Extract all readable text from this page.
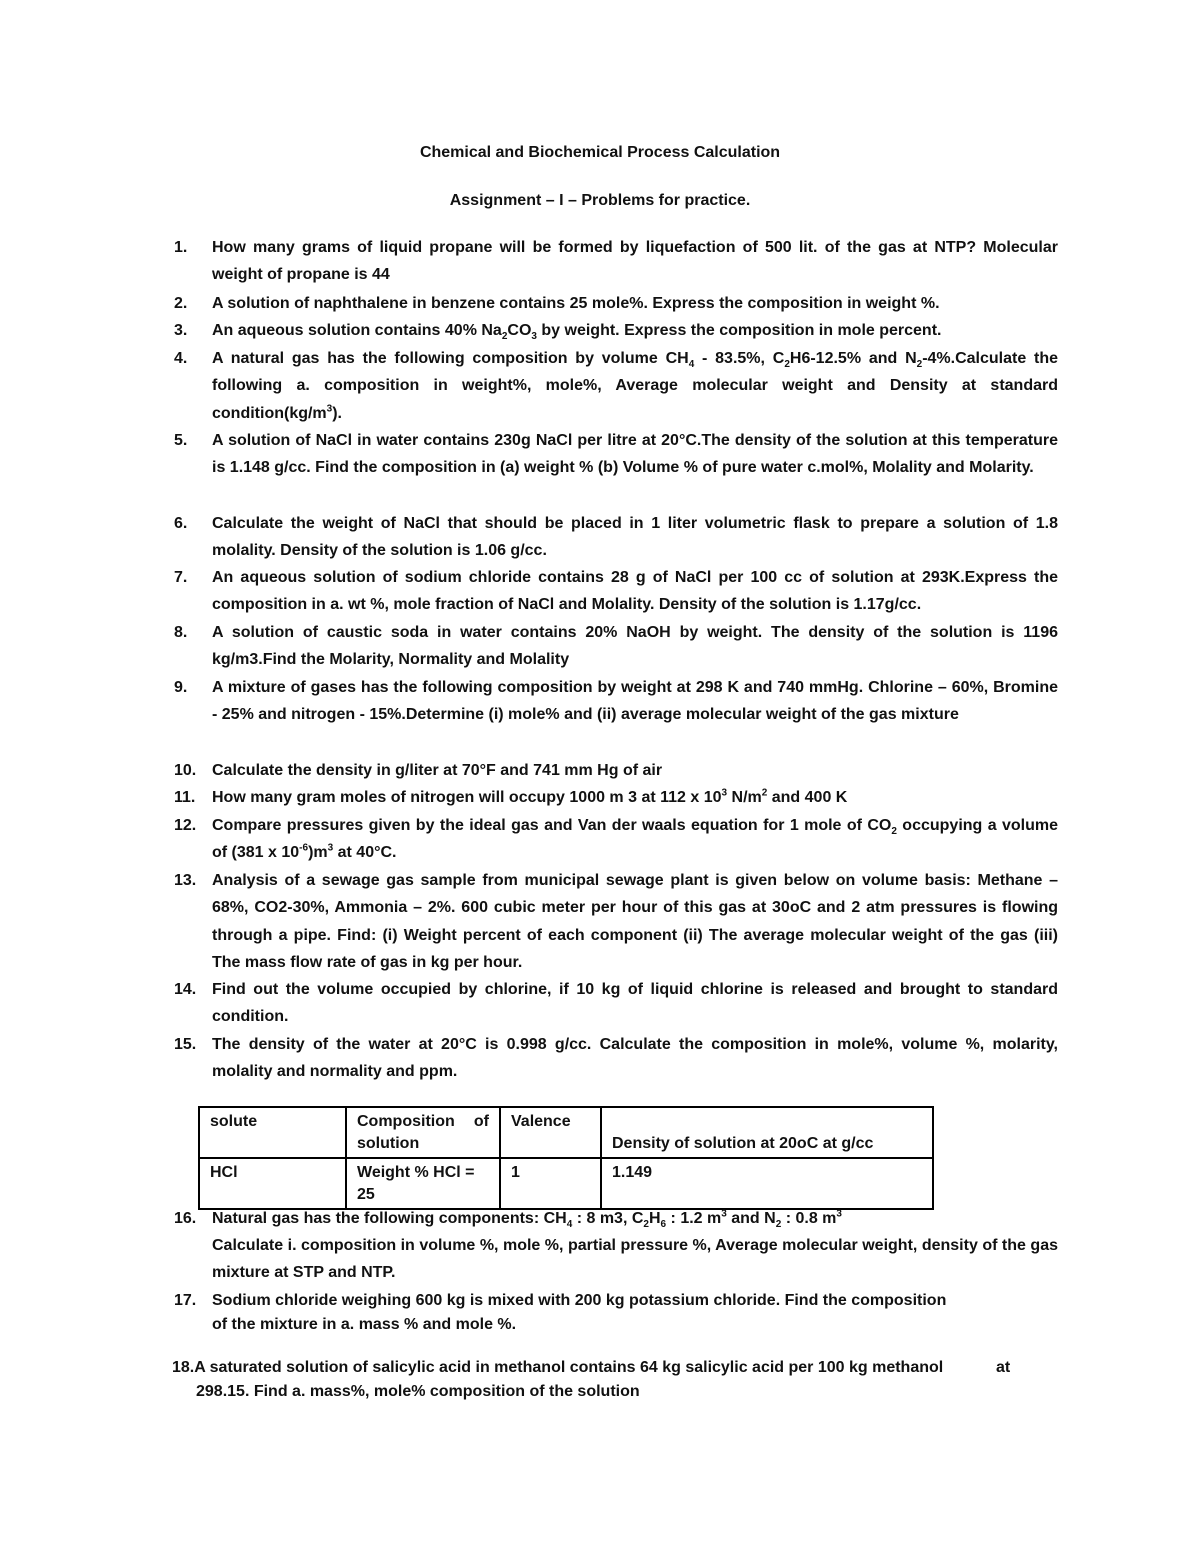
Chemical and Biochemical Process Calculation
Assignment – I – Problems for practice.
1.	How many grams of liquid propane will be formed by liquefaction of 500 lit. of the gas at NTP? Molecular weight of propane is 44
2.	A solution of naphthalene in benzene contains 25 mole%. Express the composition in weight %.
3.	An aqueous solution contains 40% $Na_2CO_3$ by weight. Express the composition in mole percent.
4.	A natural gas has the following composition by volume $CH_4 - 83.5\%$, $C_2H6-12.5\%$ and $N_2-4\%.Calculate$ the following a. composition in weight%, mole%, Average molecular weight and Density at standard $condition(kg/m^3)$.
5.	A solution of NaCl in water contains 230g NaCl per litre at 20°C.The density of the solution at this temperature is 1.148 g/cc. Find the composition in (a) weight % (b) Volume % of pure water c.mol%, Molality and Molarity.
6.	Calculate the weight of NaCl that should be placed in 1 liter volumetric flask to prepare a solution of 1.8 molality. Density of the solution is 1.06 g/cc.
7.	An aqueous solution of sodium chloride contains 28 g of NaCl per 100 cc of solution at 293K.Express the composition in a. wt %, mole fraction of NaCl and Molality. Density of the solution is 1.17g/cc.
8.	A solution of caustic soda in water contains 20% NaOH by weight. The density of the solution is 1196 kg/m3.Find the Molarity, Normality and Molality
9.	A mixture of gases has the following composition by weight at 298 K and 740 mmHg. Chlorine – 60%, Bromine - 25% and nitrogen - 15%.Determine (i) mole% and (ii) average molecular weight of the gas mixture
10. Calculate the density in g/liter at 70°F and 741 mm Hg of air
11.	How many gram moles of nitrogen will occupy 1000 m 3 at 112 x $10^3$ $N/m^2$ and 400 K
12. Compare pressures given by the ideal gas and Van der waals equation for 1 mole of $CO_2$ occupying a volume of (381 x $10^{-6})m^3$ at 40°C.
13. Analysis of a sewage gas sample from municipal sewage plant is given below on volume basis: Methane – 68%, CO2-30%, Ammonia – 2%. 600 cubic meter per hour of this gas at 30oC and 2 atm pressures is flowing through a pipe. Find: (i) Weight percent of each component (ii) The average molecular weight of the gas (iii) The mass flow rate of gas in kg per hour.
14. Find out the volume occupied by chlorine, if 10 kg of liquid chlorine is released and brought to standard condition.
15. The density of the water at 20°C is 0.998 g/cc. Calculate the composition in mole%, volume %, molarity, molality and normality and ppm.
solute	Composition of solution	Valence	Density of solution at 20oC at g/cc
HCl	Weight % HCl = 25	1	1.149
16. Natural gas has the following components: $CH_4$ : 8 m3, $C_2H_6$ : 1.2 $m^3$ and $N_2$ : 0.8 $m^3$
Calculate i. composition in volume %, mole %, partial pressure %, Average molecular weight, density of the gas mixture at STP and NTP.
17. Sodium chloride weighing 600 kg is mixed with 200 kg potassium chloride. Find the composition
of the mixture in a. mass % and mole %.
18.A saturated solution of salicylic acid in methanol contains 64 kg salicylic acid per 100 kg methanol	at
298.15. Find a. mass%, mole% composition of the solution
